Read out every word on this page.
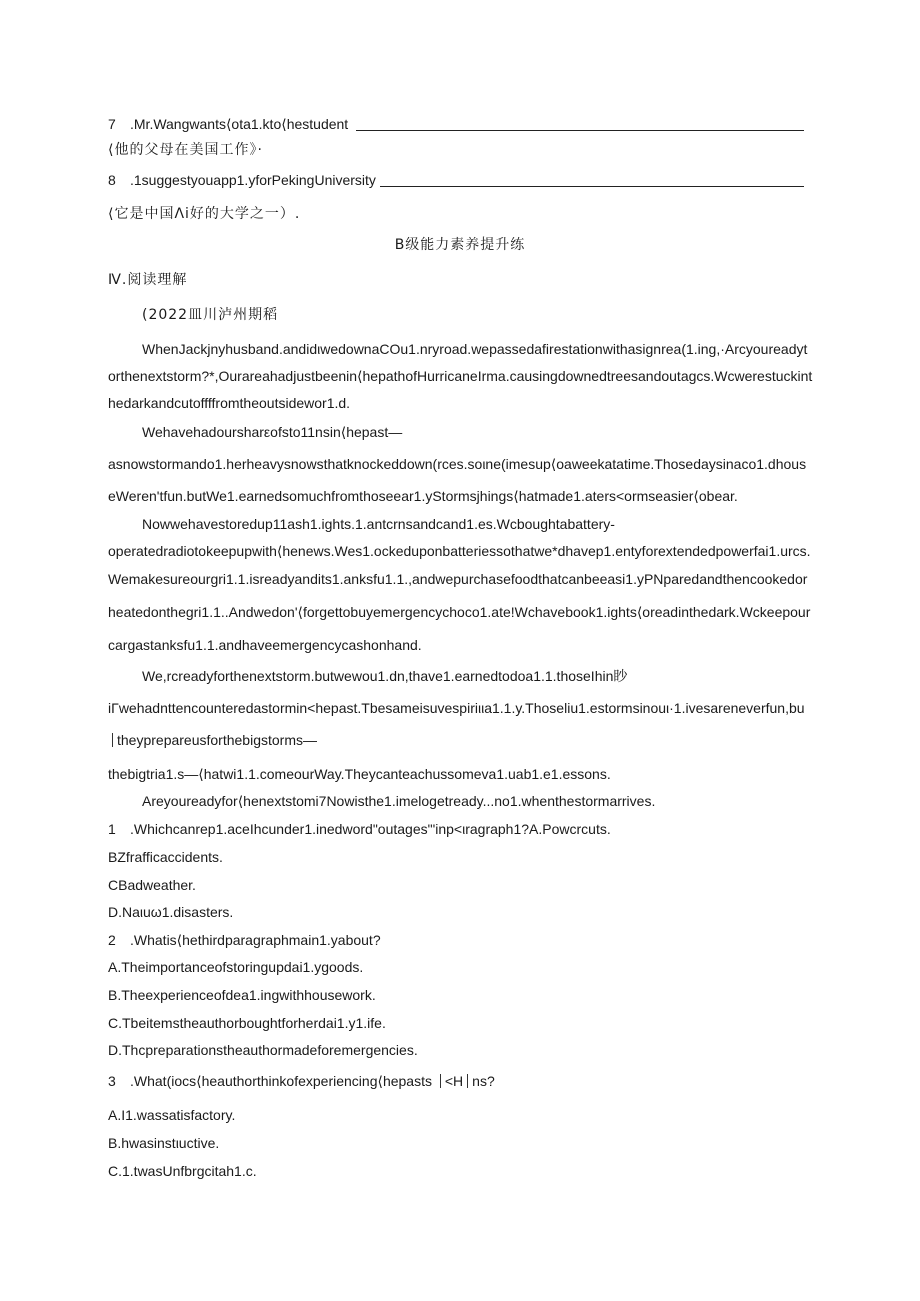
7 .Mr.Wangwants⟨ota1.kto⟨hestudent
⟨他的父母在美国工作》·
8 .1suggestyouapp1.yforPekingUniversity
⟨它是中国Λi好的大学之一）.
B级能力素养提升练
Ⅳ.阅读理解
(2022皿川泸州期稻
WhenJackjnyhusband.andidιwedownaCOu1.nryroad.wepassedafirestationwithasignrea(1.ing,·Arcyoureadyt
orthenextstorm?*,Ourareahadjustbeenin⟨hepathofHurricaneIrma.causingdownedtreesandoutagcs.Wcwerestuckint
hedarkandcutoffffromtheoutsidewor1.d.
Wehavehadoursharεofsto11nsin⟨hepast—
asnowstormando1.herheavysnowsthatknockeddown(rces.soιne(imesup⟨oaweekatatime.Thosedaysinaco1.dhous
eWeren'tfun.butWe1.earnedsomuchfromthoseear1.yStormsjhings⟨hatmade1.aters<ormseasier⟨obear.
Nowwehavestoredup11ash1.ights.1.antcrnsandcand1.es.Wcboughtabattery-
operatedradiotokeepupwith⟨henews.Wes1.ockeduponbatteriessothatwe*dhavep1.entyforextendedpowerfai1.urcs.
Wemakesureourgri1.1.isreadyandits1.anksfu1.1.,andwepurchasefoodthatcanbeeasi1.yPNparedandthencookedor
heatedonthegri1.1..Andwedon'⟨forgettobuyemergencychoco1.ate!Wchavebook1.ights⟨oreadinthedark.Wckeepour
cargastanksfu1.1.andhaveemergencycashonhand.
We,rcreadyforthenextstorm.butwewou1.dn,thave1.earnedtodoa1.1.thoseIhin眇
iΓwehadnttencounteredastormin<hepast.Tbesameisuvespiriιιa1.1.y.Thoseliu1.estormsinouι·1.ivesareneverfun,bu
theyprepareusforthebigstorms—
thebigtria1.s—⟨hatwi1.1.comeourWay.Theycanteachussomeva1.uab1.e1.essons.
Areyoureadyfor⟨henextstomi7Nowisthe1.imelogetready...no1.whenthestormarrives.
1 .Whichcanrep1.aceIhcunder1.inedword"outages"'inp<ιragraph1?A.Powcrcuts.
BZfrafficaccidents.
CBadweather.
D.Naιuω1.disasters.
2 .Whatis⟨hethirdparagraphmain1.yabout?
A.Theimportanceofstoringupdai1.ygoods.
B.Theexperienceofdea1.ingwithhousework.
C.Tbeitemstheauthorboughtforherdai1.y1.ife.
D.Thcpreparationstheauthormadeforemergencies.
3 .What(iocs⟨heauthorthinkofexperiencing⟨hepasts <H ns?
A.I1.wassatisfactory.
B.hwasinstιuctive.
C.1.twasUnfbrgcitah1.c.
